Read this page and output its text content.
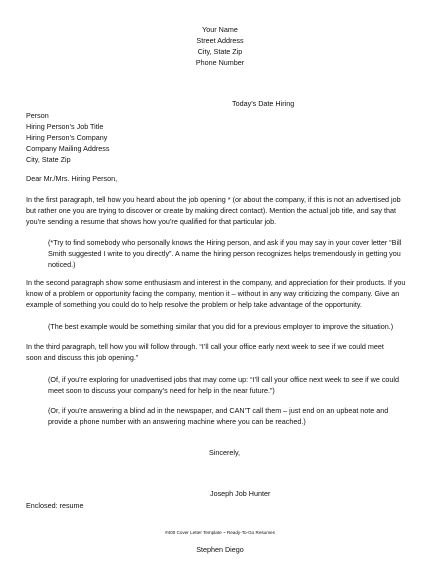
Your Name
Street Address
City, State Zip
Phone Number
Today’s Date Hiring
Person
Hiring Person’s Job Title
Hiring Person’s Company
Company Mailing Address
City, State Zip
Dear Mr./Mrs. Hiring Person,
In the first paragraph, tell how you heard about the job opening * (or about the company, if this is not an advertised job
but rather one you are trying to discover or create by making direct contact). Mention the actual job title, and say that
you’re sending a resume that shows how you’re qualified for that particular job.
(*Try to find somebody who personally knows the Hiring person, and ask if you may say in your cover letter “Bill
Smith suggested I write to you directly”. A name the hiring person recognizes helps tremendously in getting you
noticed.)
In the second paragraph show some enthusiasm and interest in the company, and appreciation for their products. If you
know of a problem or opportunity facing the company, mention it – without in any way criticizing the company. Give an
example of something you could do to help resolve the problem or help take advantage of the opportunity.
(The best example would be something similar that you did for a previous employer to improve the situation.)
In the third paragraph, tell how you will follow through. “I’ll call your office early next week to see if we could meet
soon and discuss this job opening.”
(Of, if you’re exploring for unadvertised jobs that may come up: “I’ll call your office next week to see if we could
meet soon to discuss your company’s need for help in the near future.”)
(Or, if you’re answering a blind ad in the newspaper, and CAN’T call them – just end on an upbeat note and
provide a phone number with an answering machine where you can be reached.)
Sincerely,
Joseph Job Hunter
Enclosed: resume
#400 Cover Letter Template ~ Ready-To-Go Resumes
Stephen Diego
